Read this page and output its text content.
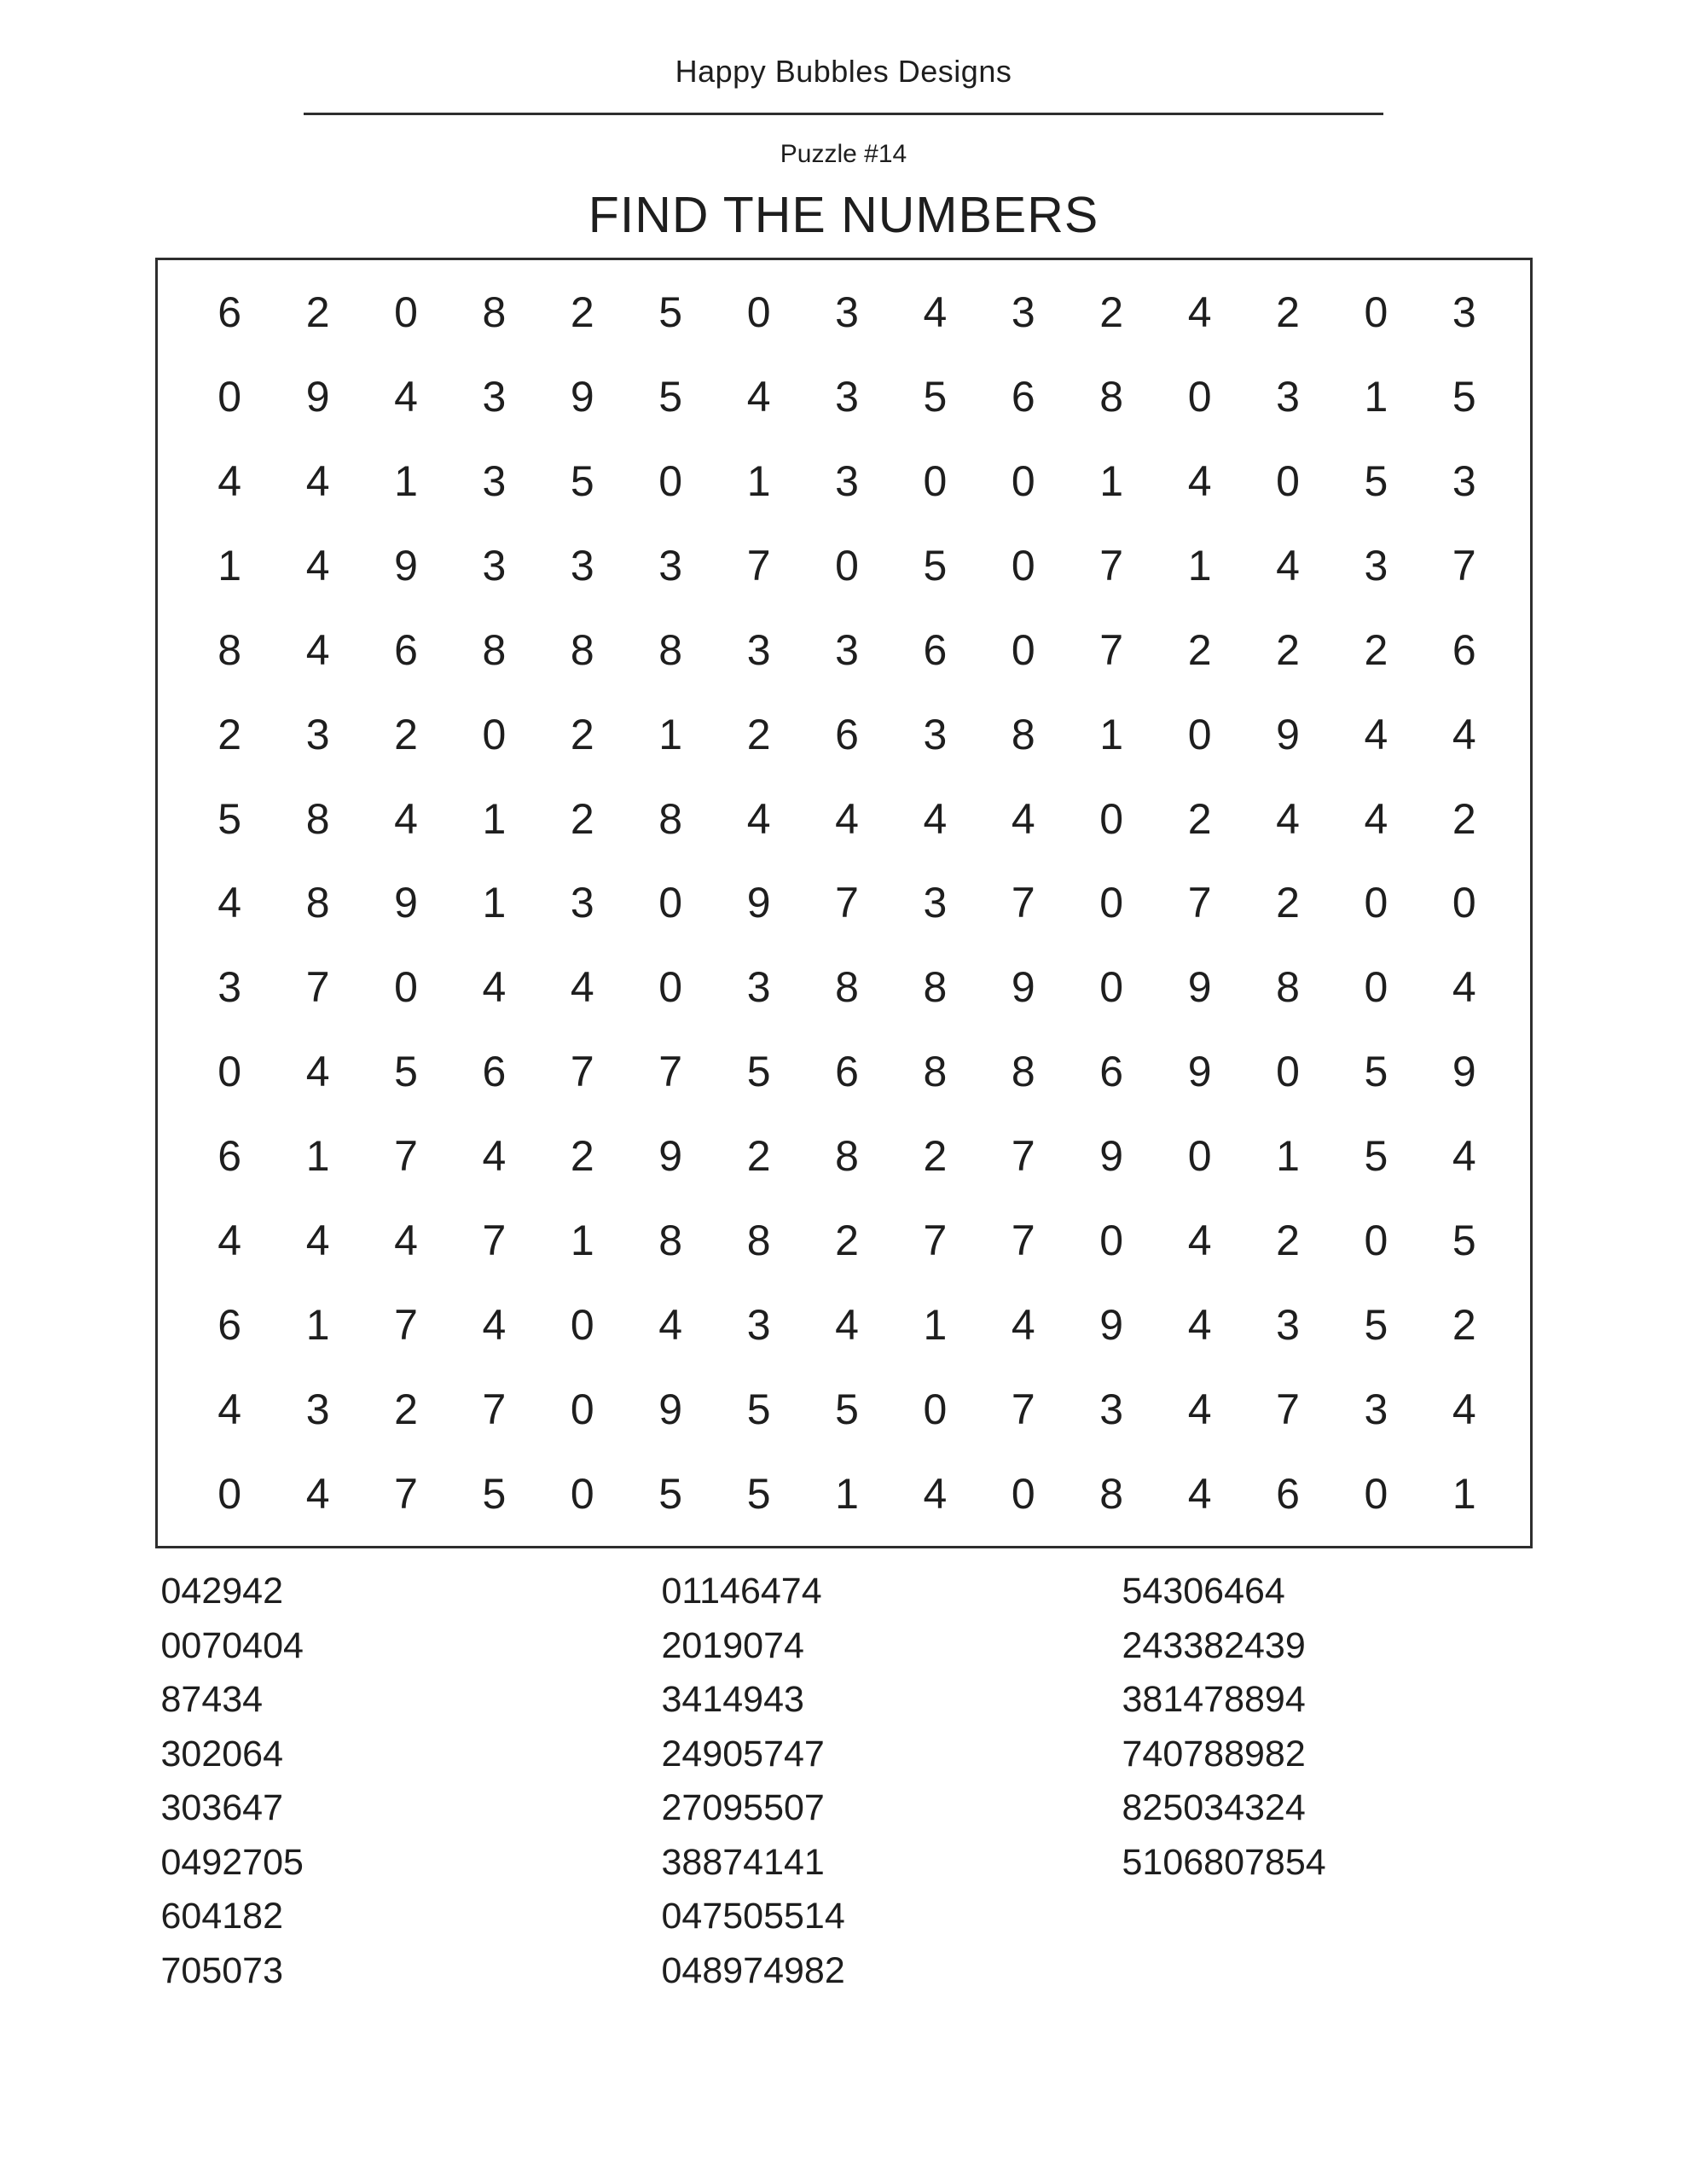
Happy Bubbles Designs
Puzzle #14
FIND THE NUMBERS
6	2	0	8	2	5	0	3	4	3	2	4	2	0	3
0	9	4	3	9	5	4	3	5	6	8	0	3	1	5
4	4	1	3	5	0	1	3	0	0	1	4	0	5	3
1	4	9	3	3	3	7	0	5	0	7	1	4	3	7
8	4	6	8	8	8	3	3	6	0	7	2	2	2	6
2	3	2	0	2	1	2	6	3	8	1	0	9	4	4
5	8	4	1	2	8	4	4	4	4	0	2	4	4	2
4	8	9	1	3	0	9	7	3	7	0	7	2	0	0
3	7	0	4	4	0	3	8	8	9	0	9	8	0	4
0	4	5	6	7	7	5	6	8	8	6	9	0	5	9
6	1	7	4	2	9	2	8	2	7	9	0	1	5	4
4	4	4	7	1	8	8	2	7	7	0	4	2	0	5
6	1	7	4	0	4	3	4	1	4	9	4	3	5	2
4	3	2	7	0	9	5	5	0	7	3	4	7	3	4
0	4	7	5	0	5	5	1	4	0	8	4	6	0	1
042942
0070404
87434
302064
303647
0492705
604182
705073
01146474
2019074
3414943
24905747
27095507
38874141
047505514
048974982
54306464
243382439
381478894
740788982
825034324
5106807854
